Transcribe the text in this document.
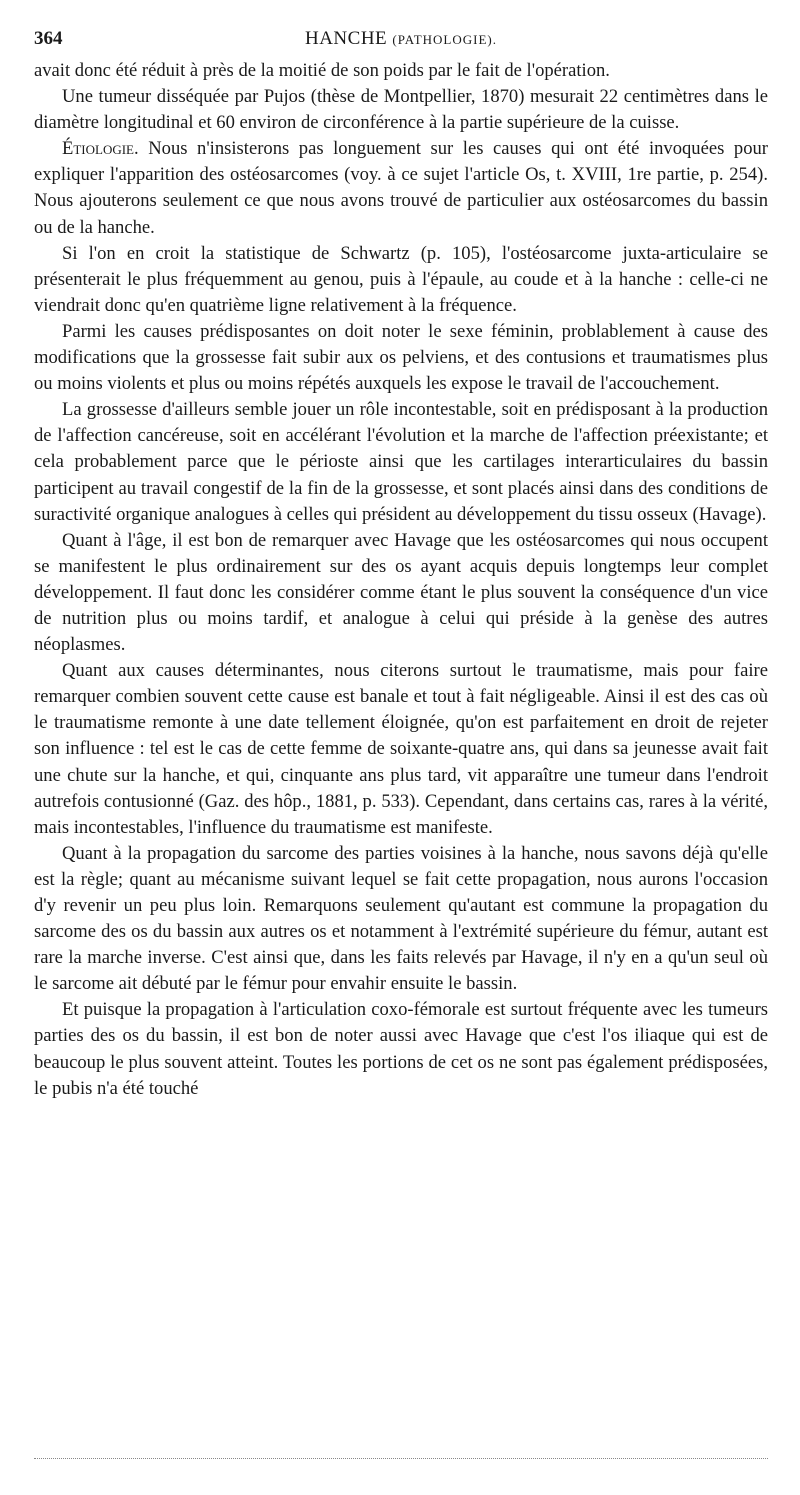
364	HANCHE (PATHOLOGIE).

avait donc été réduit à près de la moitié de son poids par le fait de l'opération.

Une tumeur disséquée par Pujos (thèse de Montpellier, 1870) mesurait 22 centimètres dans le diamètre longitudinal et 60 environ de circonférence à la partie supérieure de la cuisse.

Étiologie. Nous n'insisterons pas longuement sur les causes qui ont été invoquées pour expliquer l'apparition des ostéosarcomes (voy. à ce sujet l'article Os, t. XVIII, 1re partie, p. 254). Nous ajouterons seulement ce que nous avons trouvé de particulier aux ostéosarcomes du bassin ou de la hanche.

Si l'on en croit la statistique de Schwartz (p. 105), l'ostéosarcome juxta-articulaire se présenterait le plus fréquemment au genou, puis à l'épaule, au coude et à la hanche : celle-ci ne viendrait donc qu'en quatrième ligne relativement à la fréquence.

Parmi les causes prédisposantes on doit noter le sexe féminin, problablement à cause des modifications que la grossesse fait subir aux os pelviens, et des contusions et traumatismes plus ou moins violents et plus ou moins répétés auxquels les expose le travail de l'accouchement.

La grossesse d'ailleurs semble jouer un rôle incontestable, soit en prédisposant à la production de l'affection cancéreuse, soit en accélérant l'évolution et la marche de l'affection préexistante; et cela probablement parce que le périoste ainsi que les cartilages interarticulaires du bassin participent au travail congestif de la fin de la grossesse, et sont placés ainsi dans des conditions de suractivité organique analogues à celles qui président au développement du tissu osseux (Havage).

Quant à l'âge, il est bon de remarquer avec Havage que les ostéosarcomes qui nous occupent se manifestent le plus ordinairement sur des os ayant acquis depuis longtemps leur complet développement. Il faut donc les considérer comme étant le plus souvent la conséquence d'un vice de nutrition plus ou moins tardif, et analogue à celui qui préside à la genèse des autres néoplasmes.

Quant aux causes déterminantes, nous citerons surtout le traumatisme, mais pour faire remarquer combien souvent cette cause est banale et tout à fait négligeable. Ainsi il est des cas où le traumatisme remonte à une date tellement éloignée, qu'on est parfaitement en droit de rejeter son influence : tel est le cas de cette femme de soixante-quatre ans, qui dans sa jeunesse avait fait une chute sur la hanche, et qui, cinquante ans plus tard, vit apparaître une tumeur dans l'endroit autrefois contusionné (Gaz. des hôp., 1881, p. 533). Cependant, dans certains cas, rares à la vérité, mais incontestables, l'influence du traumatisme est manifeste.

Quant à la propagation du sarcome des parties voisines à la hanche, nous savons déjà qu'elle est la règle; quant au mécanisme suivant lequel se fait cette propagation, nous aurons l'occasion d'y revenir un peu plus loin. Remarquons seulement qu'autant est commune la propagation du sarcome des os du bassin aux autres os et notamment à l'extrémité supérieure du fémur, autant est rare la marche inverse. C'est ainsi que, dans les faits relevés par Havage, il n'y en a qu'un seul où le sarcome ait débuté par le fémur pour envahir ensuite le bassin.

Et puisque la propagation à l'articulation coxo-fémorale est surtout fréquente avec les tumeurs parties des os du bassin, il est bon de noter aussi avec Havage que c'est l'os iliaque qui est de beaucoup le plus souvent atteint. Toutes les portions de cet os ne sont pas également prédisposées, le pubis n'a été touché
